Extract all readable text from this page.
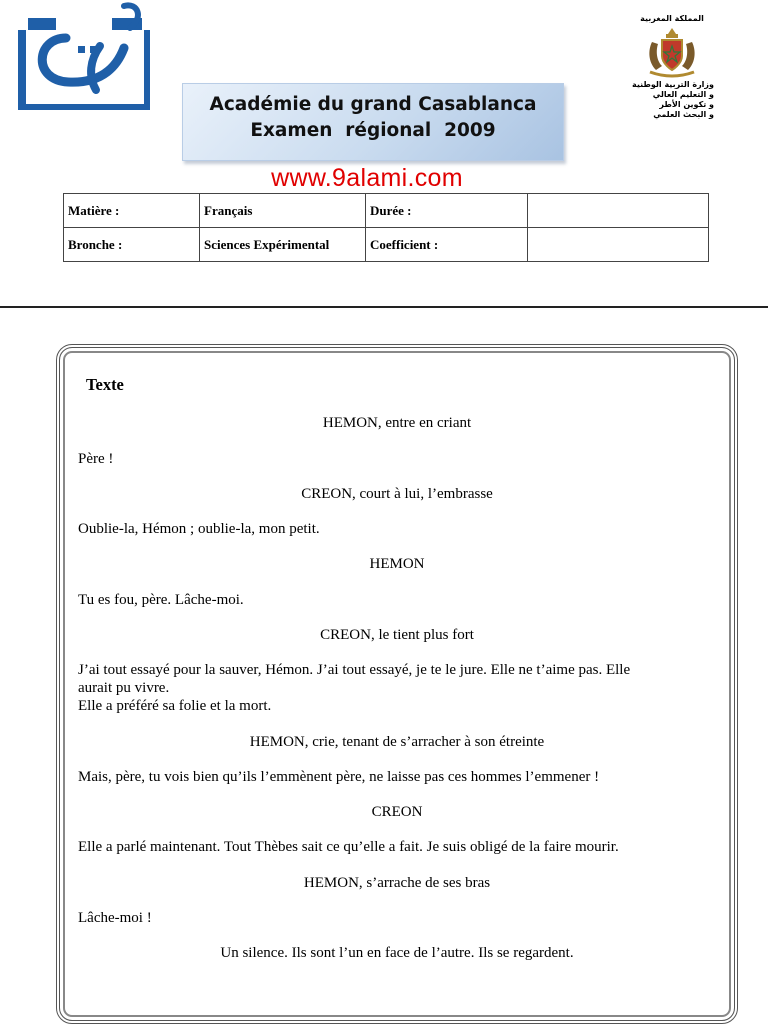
المملكة المغربية
وزارة التربية الوطنية
و التعليم العالي
و تكوين الأطر
و البحث العلمي
Académie du grand Casablanca
Examen  régional  2009
www.9alami.com
Matière :	Français	Durée :	
Bronche :	Sciences Expérimental	Coefficient :	
Texte
HEMON, entre en criant
Père !
CREON, court à lui, l’embrasse
Oublie-la, Hémon ; oublie-la, mon petit.
HEMON
Tu es fou, père. Lâche-moi.
CREON, le tient plus fort
J’ai tout essayé pour la sauver, Hémon. J’ai tout essayé, je te le jure. Elle ne t’aime pas. Elle
aurait pu vivre.
Elle a préféré sa folie et la mort.
HEMON, crie, tenant de s’arracher à son étreinte
Mais, père, tu vois bien qu’ils l’emmènent père, ne laisse pas ces hommes l’emmener !
CREON
Elle a parlé maintenant. Tout Thèbes sait ce qu’elle a fait. Je suis obligé de la faire mourir.
HEMON, s’arrache de ses bras
Lâche-moi !
Un silence. Ils sont l’un en face de l’autre. Ils se regardent.
